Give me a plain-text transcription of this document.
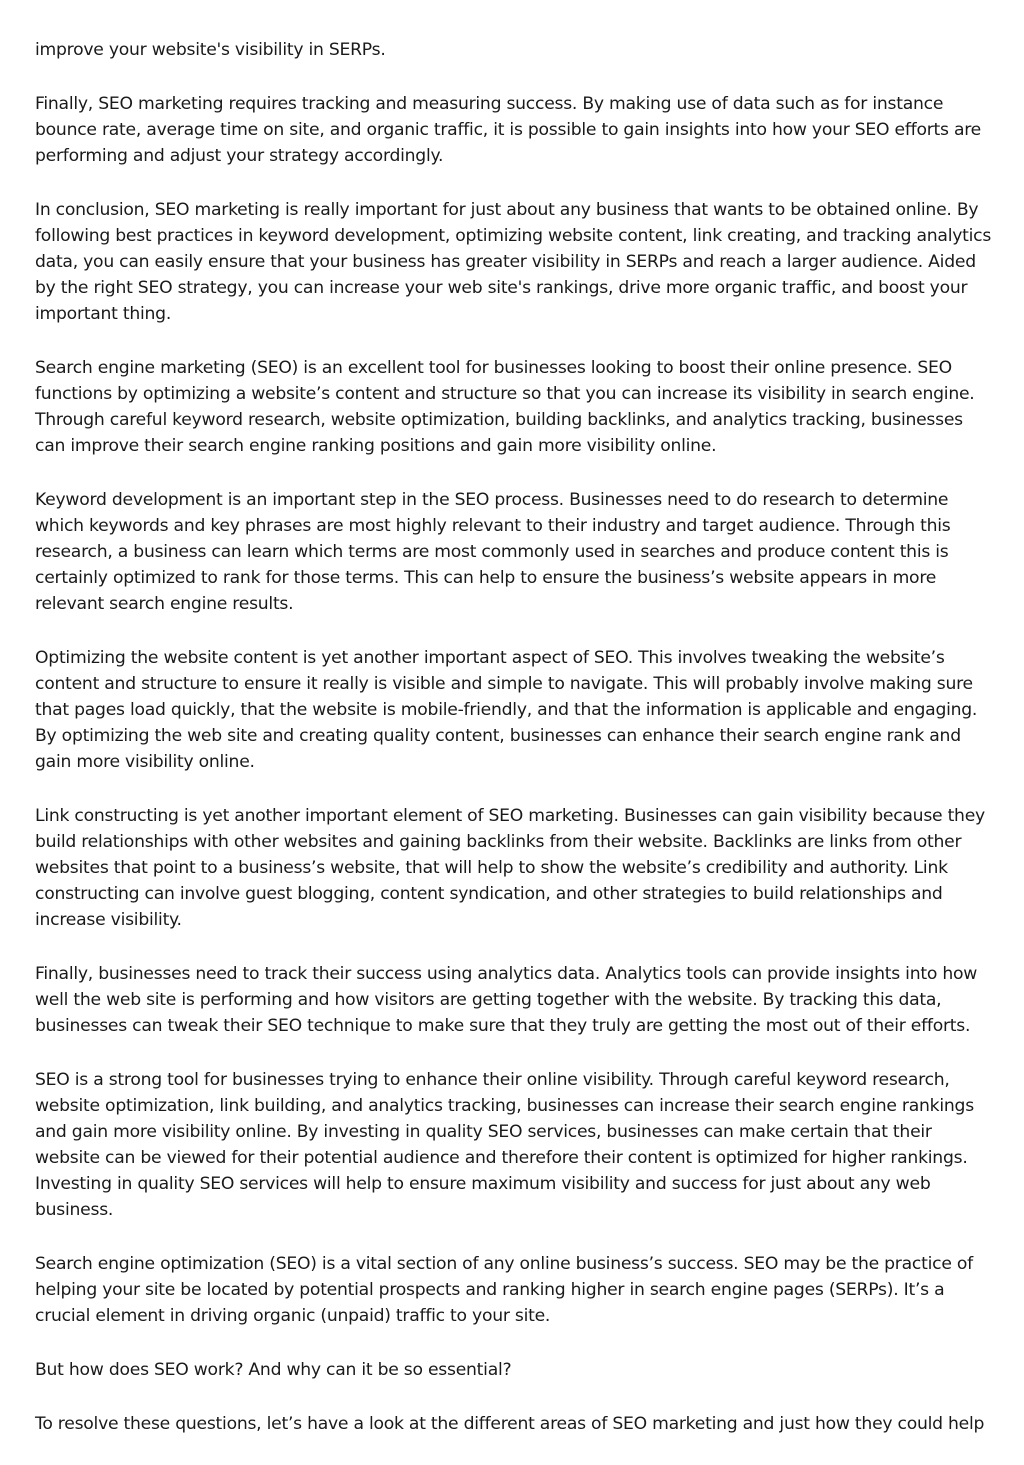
improve your website's visibility in SERPs.

Finally, SEO marketing requires tracking and measuring success. By making use of data such as for instance bounce rate, average time on site, and organic traffic, it is possible to gain insights into how your SEO efforts are performing and adjust your strategy accordingly.

In conclusion, SEO marketing is really important for just about any business that wants to be obtained online. By following best practices in keyword development, optimizing website content, link creating, and tracking analytics data, you can easily ensure that your business has greater visibility in SERPs and reach a larger audience. Aided by the right SEO strategy, you can increase your web site's rankings, drive more organic traffic, and boost your important thing.

Search engine marketing (SEO) is an excellent tool for businesses looking to boost their online presence. SEO functions by optimizing a website’s content and structure so that you can increase its visibility in search engine. Through careful keyword research, website optimization, building backlinks, and analytics tracking, businesses can improve their search engine ranking positions and gain more visibility online.

Keyword development is an important step in the SEO process. Businesses need to do research to determine which keywords and key phrases are most highly relevant to their industry and target audience. Through this research, a business can learn which terms are most commonly used in searches and produce content this is certainly optimized to rank for those terms. This can help to ensure the business’s website appears in more relevant search engine results.

Optimizing the website content is yet another important aspect of SEO. This involves tweaking the website’s content and structure to ensure it really is visible and simple to navigate. This will probably involve making sure that pages load quickly, that the website is mobile-friendly, and that the information is applicable and engaging. By optimizing the web site and creating quality content, businesses can enhance their search engine rank and gain more visibility online.

Link constructing is yet another important element of SEO marketing. Businesses can gain visibility because they build relationships with other websites and gaining backlinks from their website. Backlinks are links from other websites that point to a business’s website, that will help to show the website’s credibility and authority. Link constructing can involve guest blogging, content syndication, and other strategies to build relationships and increase visibility.

Finally, businesses need to track their success using analytics data. Analytics tools can provide insights into how well the web site is performing and how visitors are getting together with the website. By tracking this data, businesses can tweak their SEO technique to make sure that they truly are getting the most out of their efforts.

SEO is a strong tool for businesses trying to enhance their online visibility. Through careful keyword research, website optimization, link building, and analytics tracking, businesses can increase their search engine rankings and gain more visibility online. By investing in quality SEO services, businesses can make certain that their website can be viewed for their potential audience and therefore their content is optimized for higher rankings. Investing in quality SEO services will help to ensure maximum visibility and success for just about any web business.

Search engine optimization (SEO) is a vital section of any online business’s success. SEO may be the practice of helping your site be located by potential prospects and ranking higher in search engine pages (SERPs). It’s a crucial element in driving organic (unpaid) traffic to your site.

But how does SEO work? And why can it be so essential?

To resolve these questions, let’s have a look at the different areas of SEO marketing and just how they could help
